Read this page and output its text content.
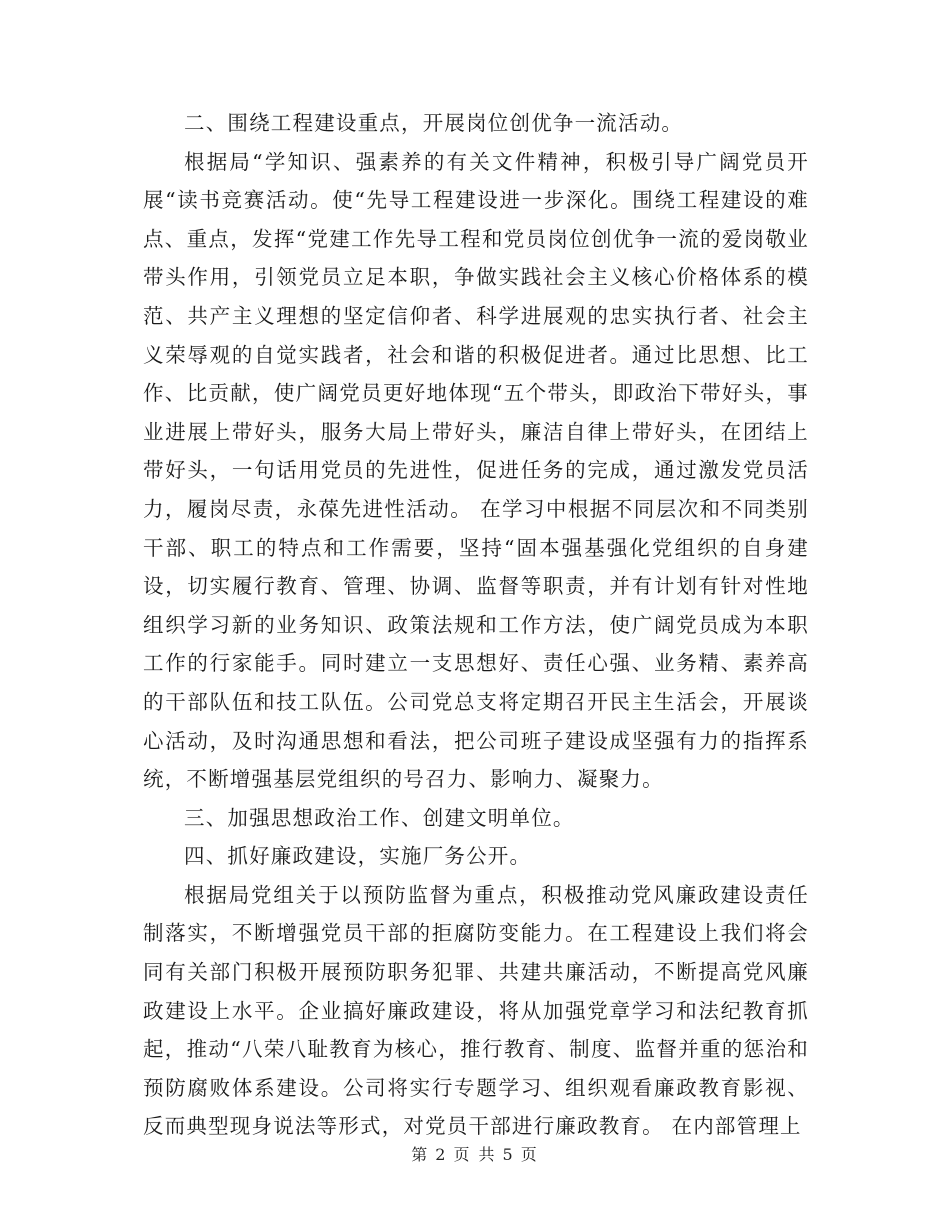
二、围绕工程建设重点，开展岗位创优争一流活动。

根据局“学知识、强素养的有关文件精神，积极引导广阔党员开展“读书竞赛活动。使“先导工程建设进一步深化。围绕工程建设的难点、重点，发挥“党建工作先导工程和党员岗位创优争一流的爱岗敬业带头作用，引领党员立足本职，争做实践社会主义核心价格体系的模范、共产主义理想的坚定信仰者、科学进展观的忠实执行者、社会主义荣辱观的自觉实践者，社会和谐的积极促进者。通过比思想、比工作、比贡献，使广阔党员更好地体现“五个带头，即政治下带好头，事业进展上带好头，服务大局上带好头，廉洁自律上带好头，在团结上带好头，一句话用党员的先进性，促进任务的完成，通过激发党员活力，履岗尽责，永葆先进性活动。 在学习中根据不同层次和不同类别干部、职工的特点和工作需要，坚持“固本强基强化党组织的自身建设，切实履行教育、管理、协调、监督等职责，并有计划有针对性地组织学习新的业务知识、政策法规和工作方法，使广阔党员成为本职工作的行家能手。同时建立一支思想好、责任心强、业务精、素养高的干部队伍和技工队伍。公司党总支将定期召开民主生活会，开展谈心活动，及时沟通思想和看法，把公司班子建设成坚强有力的指挥系统，不断增强基层党组织的号召力、影响力、凝聚力。

三、加强思想政治工作、创建文明单位。

四、抓好廉政建设，实施厂务公开。

根据局党组关于以预防监督为重点，积极推动党风廉政建设责任制落实，不断增强党员干部的拒腐防变能力。在工程建设上我们将会同有关部门积极开展预防职务犯罪、共建共廉活动，不断提高党风廉政建设上水平。企业搞好廉政建设，将从加强党章学习和法纪教育抓起，推动“八荣八耻教育为核心，推行教育、制度、监督并重的惩治和预防腐败体系建设。公司将实行专题学习、组织观看廉政教育影视、反而典型现身说法等形式，对党员干部进行廉政教育。 在内部管理上

第 2 页 共 5 页
